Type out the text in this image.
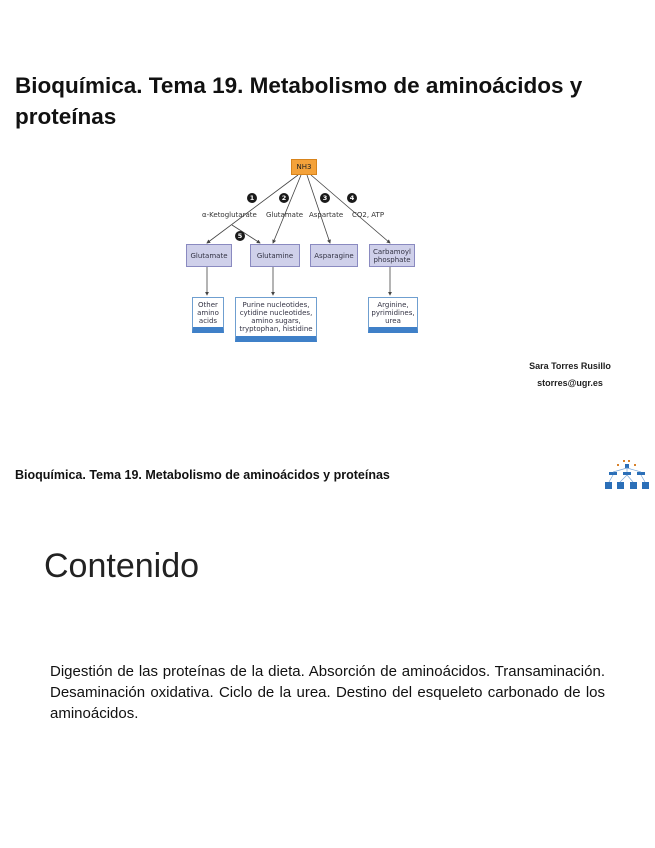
Bioquímica. Tema 19. Metabolismo de aminoácidos y proteínas
NH3
1	2	3	4
5
α-Ketoglutarate Glutamate Aspartate CO2, ATP
Glutamate	Glutamine	Asparagine	Carbamoyl phosphate
Other amino acids
Purine nucleotides, cytidine nucleotides, amino sugars, tryptophan, histidine
Arginine, pyrimidines, urea
Sara Torres Rusillo
storres@ugr.es
Bioquímica. Tema 19. Metabolismo de aminoácidos y proteínas
Contenido

Digestión de las proteínas de la dieta. Absorción de aminoácidos. Transaminación. Desaminación oxidativa. Ciclo de la urea. Destino del esqueleto carbonado de los aminoácidos.
